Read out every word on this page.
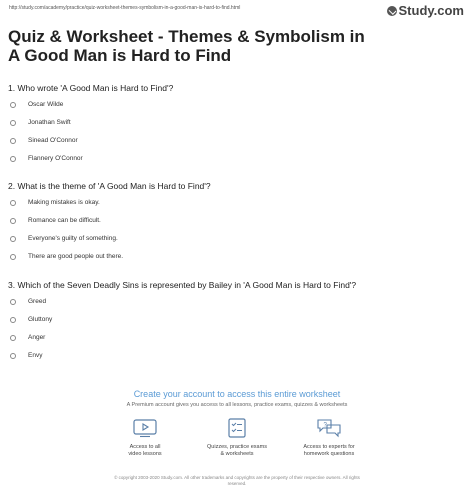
http://study.com/academy/practice/quiz-worksheet-themes-symbolism-in-a-good-man-is-hard-to-find.html	Study.com
Quiz & Worksheet - Themes & Symbolism in A Good Man is Hard to Find
1. Who wrote 'A Good Man is Hard to Find'?
Oscar Wilde
Jonathan Swift
Sinead O'Connor
Flannery O'Connor
2. What is the theme of 'A Good Man is Hard to Find'?
Making mistakes is okay.
Romance can be difficult.
Everyone's guilty of something.
There are good people out there.
3. Which of the Seven Deadly Sins is represented by Bailey in 'A Good Man is Hard to Find'?
Greed
Gluttony
Anger
Envy
Create your account to access this entire worksheet
A Premium account gives you access to all lessons, practice exams, quizzes & worksheets
Access to all
video lessons
Quizzes, practice exams
& worksheets
?
Access to experts for
homework questions
© copyright 2003-2020 Study.com. All other trademarks and copyrights are the property of their respective owners. All rights
reserved.
